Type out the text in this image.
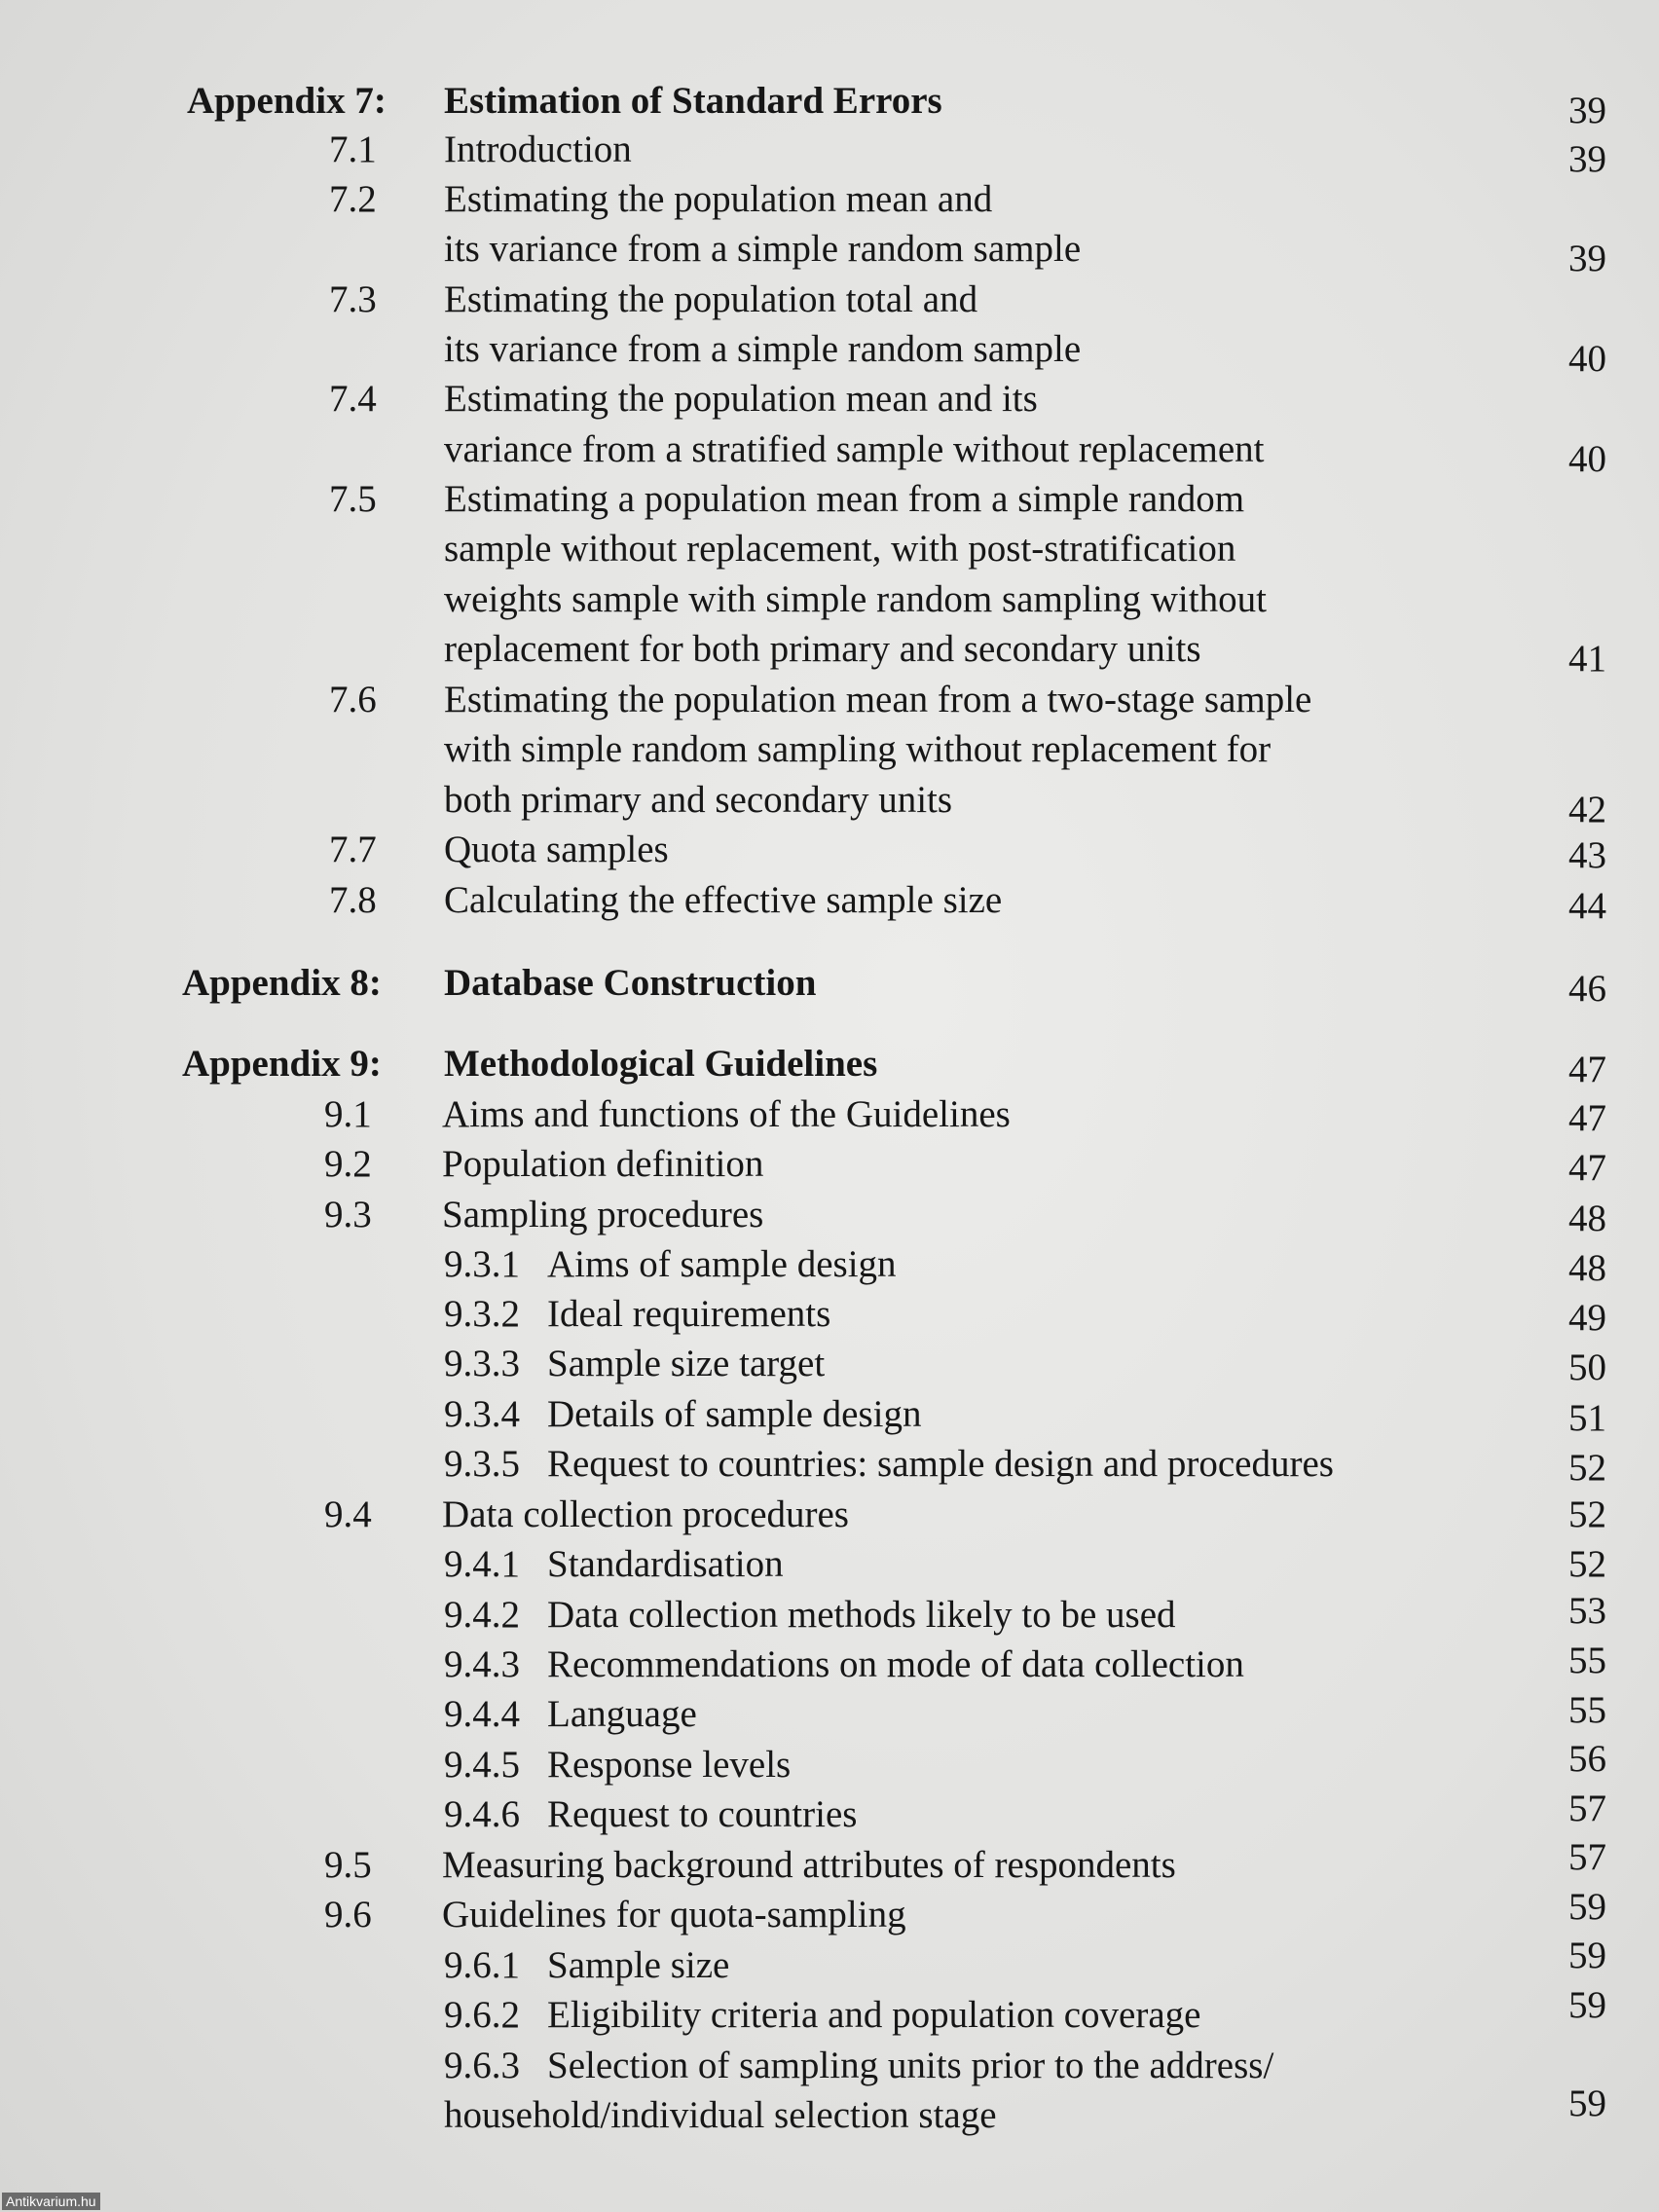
Appendix 7: Estimation of Standard Errors	39
7.1 Introduction	39
7.2 Estimating the population mean and
its variance from a simple random sample	39
7.3 Estimating the population total and
its variance from a simple random sample	40
7.4 Estimating the population mean and its
variance from a stratified sample without replacement	40
7.5 Estimating a population mean from a simple random
sample without replacement, with post-stratification
weights sample with simple random sampling without
replacement for both primary and secondary units	41
7.6 Estimating the population mean from a two-stage sample
with simple random sampling without replacement for
both primary and secondary units	42
7.7 Quota samples	43
7.8 Calculating the effective sample size	44
Appendix 8: Database Construction	46
Appendix 9: Methodological Guidelines	47
9.1 Aims and functions of the Guidelines	47
9.2 Population definition	47
9.3 Sampling procedures	48
9.3.1 Aims of sample design	48
9.3.2 Ideal requirements	49
9.3.3 Sample size target	50
9.3.4 Details of sample design	51
9.3.5 Request to countries: sample design and procedures	52
9.4 Data collection procedures	52
9.4.1 Standardisation	52
9.4.2 Data collection methods likely to be used	53
9.4.3 Recommendations on mode of data collection	55
9.4.4 Language	55
9.4.5 Response levels	56
9.4.6 Request to countries	57
9.5 Measuring background attributes of respondents	57
9.6 Guidelines for quota-sampling	59
9.6.1 Sample size	59
9.6.2 Eligibility criteria and population coverage	59
9.6.3 Selection of sampling units prior to the address/
household/individual selection stage	59
Antikvarium.hu
